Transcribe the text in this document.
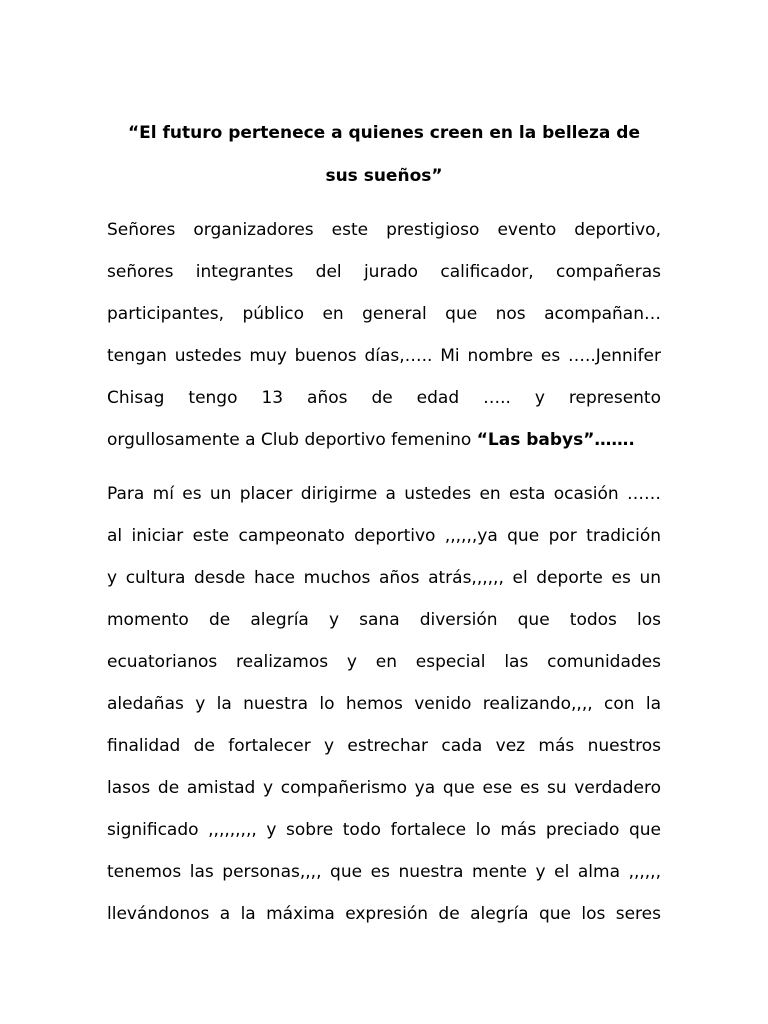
“El futuro pertenece a quienes creen en la belleza de
sus sueños”
Señores organizadores este prestigioso evento deportivo,
señores integrantes del jurado calificador, compañeras
participantes, público en general que nos acompañan…
tengan ustedes muy buenos días,….. Mi nombre es …..Jennifer
Chisag tengo 13 años de edad ….. y represento
orgullosamente a Club deportivo femenino “Las babys”…….
Para mí es un placer dirigirme a ustedes en esta ocasión ……
al iniciar este campeonato deportivo ,,,,,,ya que por tradición
y cultura desde hace muchos años atrás,,,,,, el deporte es un
momento de alegría y sana diversión que todos los
ecuatorianos realizamos y en especial las comunidades
aledañas y la nuestra lo hemos venido realizando,,,, con la
finalidad de fortalecer y estrechar cada vez más nuestros
lasos de amistad y compañerismo ya que ese es su verdadero
significado ,,,,,,,,, y sobre todo fortalece lo más preciado que
tenemos las personas,,,, que es nuestra mente y el alma ,,,,,,
llevándonos a la máxima expresión de alegría que los seres
